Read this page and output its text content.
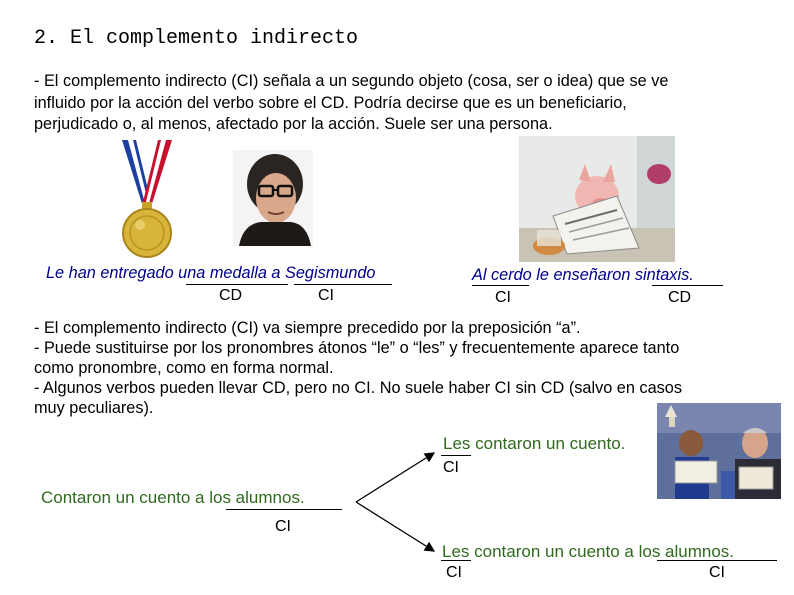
2. El complemento indirecto
- El complemento indirecto (CI) señala a un segundo objeto (cosa, ser o idea) que se ve
influido por la acción del verbo sobre el CD. Podría decirse que es un beneficiario,
perjudicado o, al menos, afectado por la acción. Suele ser una persona.
Le han entregado una medalla a Segismundo
CD	CI
Al cerdo le enseñaron sintaxis.
CI	CD
- El complemento indirecto (CI) va siempre precedido por la preposición “a”.
- Puede sustituirse por los pronombres átonos “le” o “les” y frecuentemente aparece tanto
como pronombre, como en forma normal.
- Algunos verbos pueden llevar CD, pero no CI. No suele haber CI sin CD (salvo en casos
muy peculiares).
Les contaron un cuento.
CI
Contaron un cuento a los alumnos.
CI
Les contaron un cuento a los alumnos.
CI	CI
